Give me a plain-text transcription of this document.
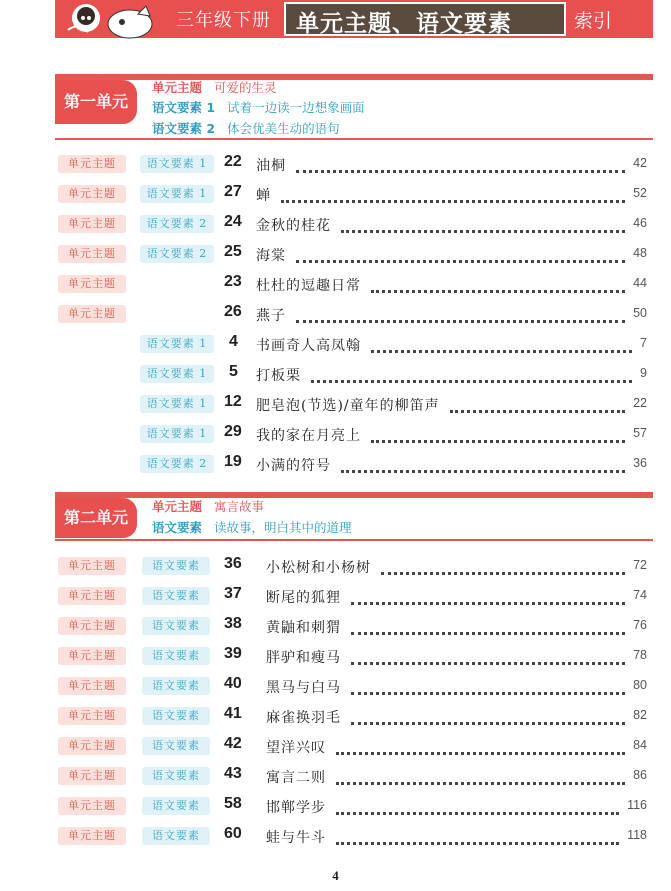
三年级下册 单元主题、语文要素	索引
第一单元
单元主题 可爱的生灵
语文要素 1 试着一边读一边想象画面
语文要素 2 体会优美生动的语句
单元主题	语文要素 1	22 油桐	42
单元主题	语文要素 1	27 蝉	52
单元主题	语文要素 2	24 金秋的桂花	46
单元主题	语文要素 2	25 海棠	48
单元主题	23 杜杜的逗趣日常	44
单元主题	26 燕子	50
语文要素 1	4 书画奇人高凤翰	7
语文要素 1	5 打板栗	9
语文要素 1	12 肥皂泡(节选)/童年的柳笛声	22
语文要素 1	29 我的家在月亮上	57
语文要素 2	19 小满的符号	36
第二单元
单元主题 寓言故事
语文要素 读故事，明白其中的道理
单元主题	语文要素	36 小松树和小杨树	72
单元主题	语文要素	37 断尾的狐狸	74
单元主题	语文要素	38 黄鼬和刺猬	76
单元主题	语文要素	39 胖驴和瘦马	78
单元主题	语文要素	40 黑马与白马	80
单元主题	语文要素	41 麻雀换羽毛	82
单元主题	语文要素	42 望洋兴叹	84
单元主题	语文要素	43 寓言二则	86
单元主题	语文要素	58 邯郸学步	116
单元主题	语文要素	60 蛙与牛斗	118
4
